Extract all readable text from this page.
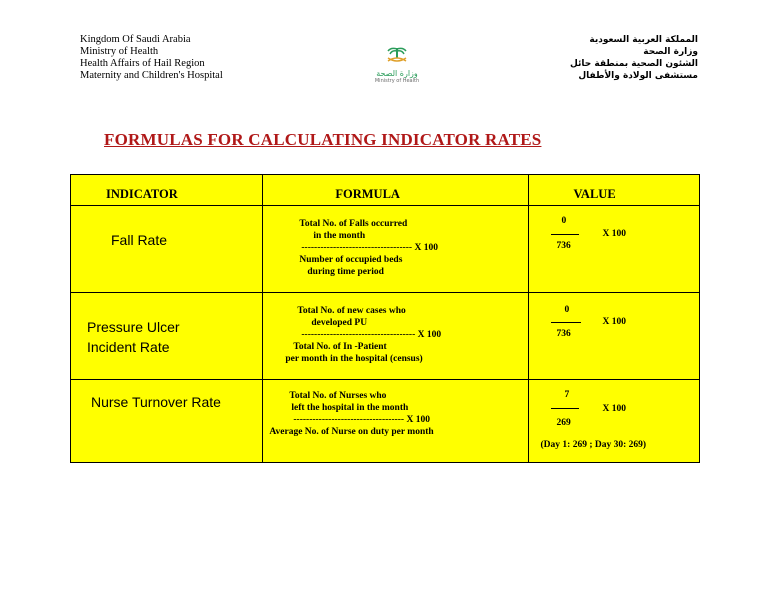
Kingdom Of Saudi Arabia
Ministry of Health
Health Affairs of Hail Region
Maternity and Children's Hospital	وزارة الصحة
Ministry of Health
المملكة العربية السعودية
وزارة الصحة
الشئون الصحية بمنطقة حائل
مستشفى الولادة والأطفال
FORMULAS FOR CALCULATING INDICATOR RATES
INDICATOR	FORMULA	VALUE

Fall Rate	Total No. of Falls occurred
in the month
----------------------------------- X 100
Number of occupied beds
during time period	0
X 100
736

Pressure Ulcer
Incident Rate	Total No. of new cases who
developed PU
------------------------------------ X 100
Total No. of In -Patient
per month in the hospital (census)	0
X 100
736

Nurse Turnover Rate	Total No. of Nurses who
left the hospital in the month
----------------------------------- X 100
Average No. of Nurse on duty per month	7
X 100
269
(Day 1: 269 ; Day 30: 269)
